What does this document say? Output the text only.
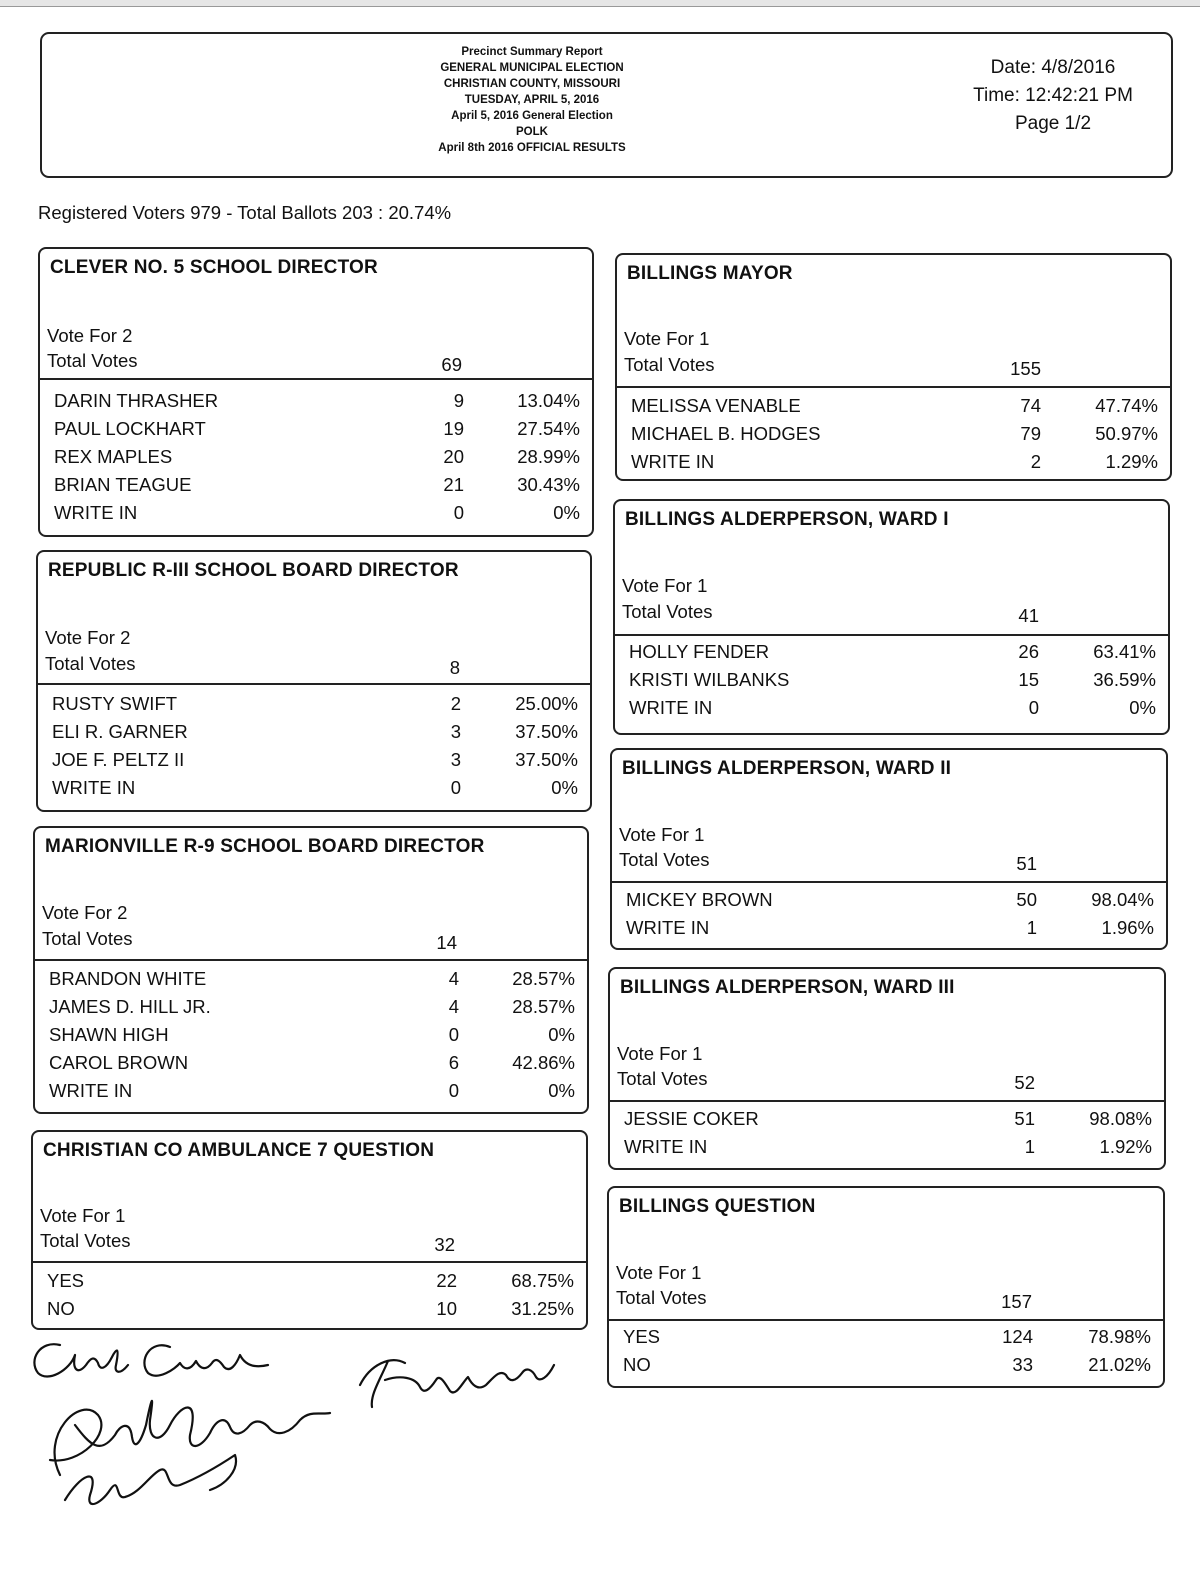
Precinct Summary Report
GENERAL MUNICIPAL ELECTION
CHRISTIAN COUNTY, MISSOURI
TUESDAY, APRIL 5, 2016
April 5, 2016 General Election
POLK
April 8th 2016 OFFICIAL RESULTS
Date: 4/8/2016
Time: 12:42:21 PM
Page 1/2
Registered Voters 979 - Total Ballots 203 : 20.74%
CLEVER NO. 5 SCHOOL DIRECTOR
Vote For 2
Total Votes	69
DARIN THRASHER	9	13.04%
PAUL LOCKHART	19	27.54%
REX MAPLES	20	28.99%
BRIAN TEAGUE	21	30.43%
WRITE IN	0	0%
REPUBLIC R-III SCHOOL BOARD DIRECTOR
Vote For 2
Total Votes	8
RUSTY SWIFT	2	25.00%
ELI R. GARNER	3	37.50%
JOE F. PELTZ II	3	37.50%
WRITE IN	0	0%
MARIONVILLE R-9 SCHOOL BOARD DIRECTOR
Vote For 2
Total Votes	14
BRANDON WHITE	4	28.57%
JAMES D. HILL JR.	4	28.57%
SHAWN HIGH	0	0%
CAROL BROWN	6	42.86%
WRITE IN	0	0%
CHRISTIAN CO AMBULANCE 7 QUESTION
Vote For 1
Total Votes	32
YES	22	68.75%
NO	10	31.25%
BILLINGS MAYOR
Vote For 1
Total Votes	155
MELISSA VENABLE	74	47.74%
MICHAEL B. HODGES	79	50.97%
WRITE IN	2	1.29%
BILLINGS ALDERPERSON, WARD I
Vote For 1
Total Votes	41
HOLLY FENDER	26	63.41%
KRISTI WILBANKS	15	36.59%
WRITE IN	0	0%
BILLINGS ALDERPERSON, WARD II
Vote For 1
Total Votes	51
MICKEY BROWN	50	98.04%
WRITE IN	1	1.96%
BILLINGS ALDERPERSON, WARD III
Vote For 1
Total Votes	52
JESSIE COKER	51	98.08%
WRITE IN	1	1.92%
BILLINGS QUESTION
Vote For 1
Total Votes	157
YES	124	78.98%
NO	33	21.02%
